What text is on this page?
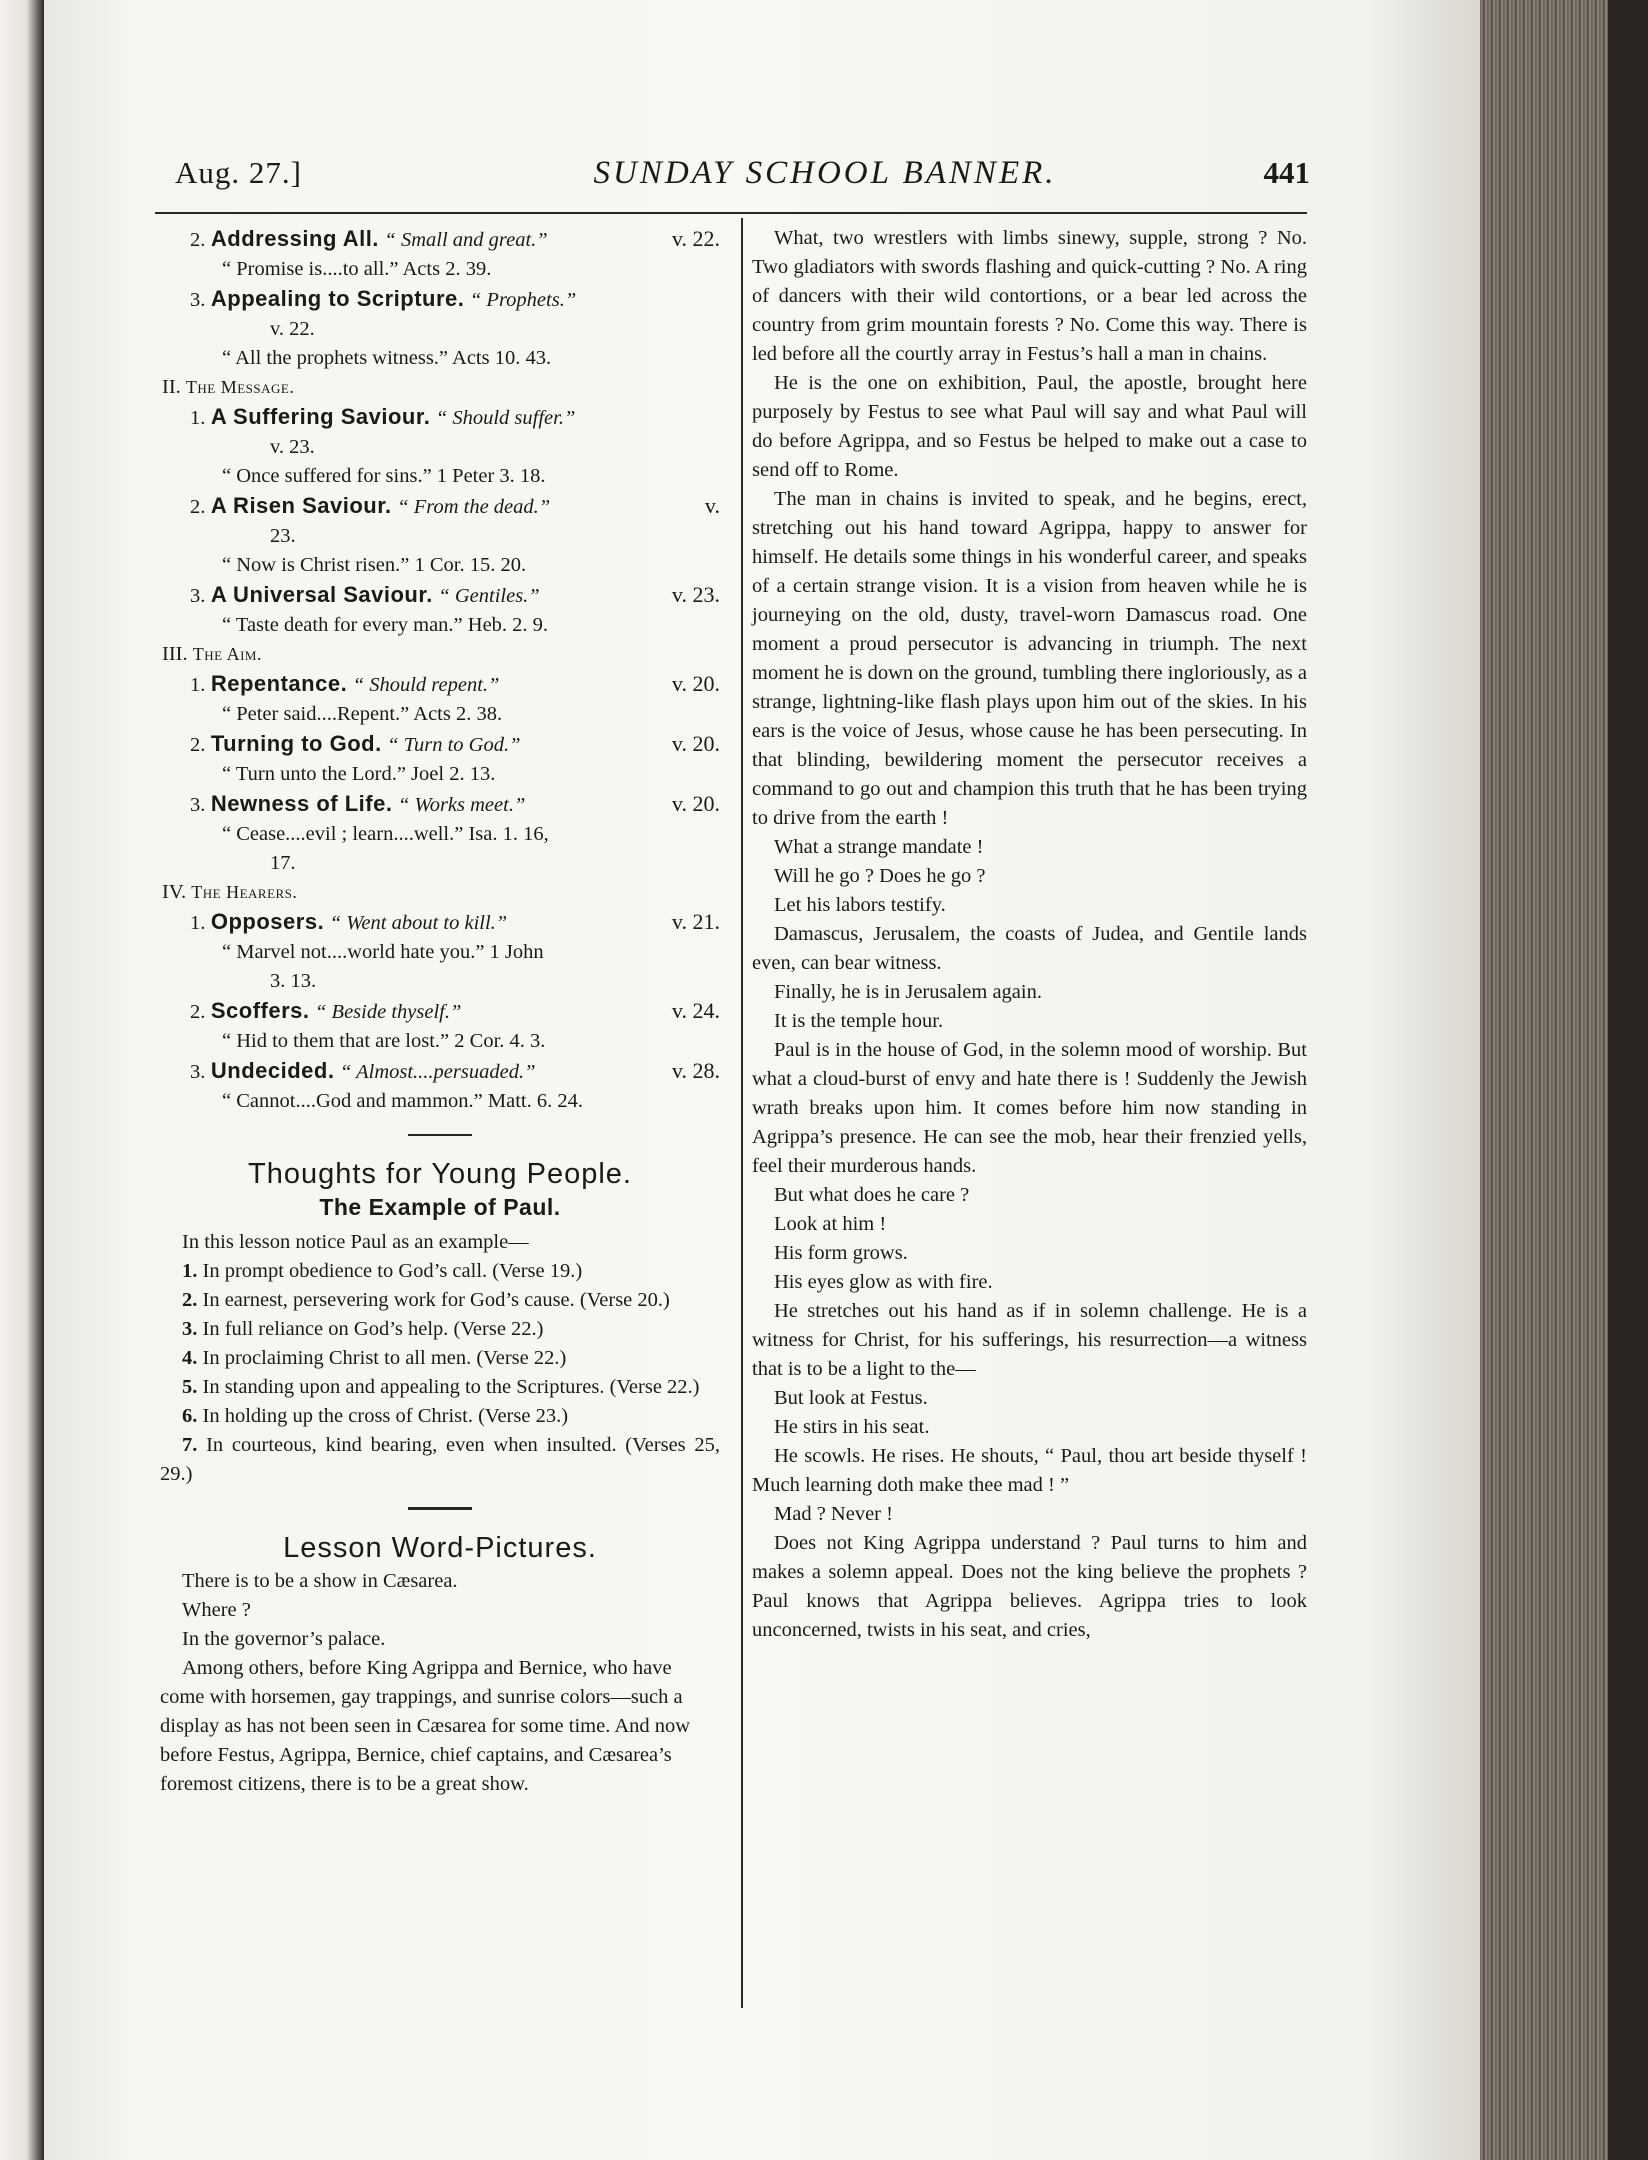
Aug. 27.]	SUNDAY SCHOOL BANNER.	441
2. Addressing All. “ Small and great.”	v. 22.
“ Promise is....to all.” Acts 2. 39.
3. Appealing to Scripture. “ Prophets.”
v. 22.
“ All the prophets witness.” Acts 10. 43.
II. The Message.
1. A Suffering Saviour. “ Should suffer.”
v. 23.
“ Once suffered for sins.” 1 Peter 3. 18.
2. A Risen Saviour. “ From the dead.”	v.
23.
“ Now is Christ risen.” 1 Cor. 15. 20.
3. A Universal Saviour. “ Gentiles.”	v. 23.
“ Taste death for every man.” Heb. 2. 9.
III. The Aim.
1. Repentance. “ Should repent.”	v. 20.
“ Peter said....Repent.” Acts 2. 38.
2. Turning to God. “ Turn to God.”	v. 20.
“ Turn unto the Lord.” Joel 2. 13.
3. Newness of Life. “ Works meet.”	v. 20.
“ Cease....evil ; learn....well.” Isa. 1. 16,
17.
IV. The Hearers.
1. Opposers. “ Went about to kill.”	v. 21.
“ Marvel not....world hate you.” 1 John
3. 13.
2. Scoffers. “ Beside thyself.”	v. 24.
“ Hid to them that are lost.” 2 Cor. 4. 3.
3. Undecided. “ Almost....persuaded.”	v. 28.
“ Cannot....God and mammon.” Matt. 6. 24.
Thoughts for Young People.
The Example of Paul.

In this lesson notice Paul as an example—

1. In prompt obedience to God’s call. (Verse 19.)

2. In earnest, persevering work for God’s cause. (Verse 20.)

3. In full reliance on God’s help. (Verse 22.)

4. In proclaiming Christ to all men. (Verse 22.)

5. In standing upon and appealing to the Scriptures. (Verse 22.)

6. In holding up the cross of Christ. (Verse 23.)

7. In courteous, kind bearing, even when insulted. (Verses 25, 29.)

Lesson Word-Pictures.

There is to be a show in Cæsarea.

Where ?

In the governor’s palace.

Among others, before King Agrippa and Bernice, who have come with horsemen, gay trappings, and sunrise colors—such a display as has not been seen in Cæsarea for some time. And now before Festus, Agrippa, Bernice, chief captains, and Cæsarea’s foremost citizens, there is to be a great show.

What, two wrestlers with limbs sinewy, supple, strong ? No. Two gladiators with swords flashing and quick-cutting ? No. A ring of dancers with their wild contortions, or a bear led across the country from grim mountain forests ? No. Come this way. There is led before all the courtly array in Festus’s hall a man in chains.

He is the one on exhibition, Paul, the apostle, brought here purposely by Festus to see what Paul will say and what Paul will do before Agrippa, and so Festus be helped to make out a case to send off to Rome.

The man in chains is invited to speak, and he begins, erect, stretching out his hand toward Agrippa, happy to answer for himself. He details some things in his wonderful career, and speaks of a certain strange vision. It is a vision from heaven while he is journeying on the old, dusty, travel-worn Damascus road. One moment a proud persecutor is advancing in triumph. The next moment he is down on the ground, tumbling there ingloriously, as a strange, lightning-like flash plays upon him out of the skies. In his ears is the voice of Jesus, whose cause he has been persecuting. In that blinding, bewildering moment the persecutor receives a command to go out and champion this truth that he has been trying to drive from the earth !

What a strange mandate !

Will he go ? Does he go ?

Let his labors testify.

Damascus, Jerusalem, the coasts of Judea, and Gentile lands even, can bear witness.

Finally, he is in Jerusalem again.

It is the temple hour.

Paul is in the house of God, in the solemn mood of worship. But what a cloud-burst of envy and hate there is ! Suddenly the Jewish wrath breaks upon him. It comes before him now standing in Agrippa’s presence. He can see the mob, hear their frenzied yells, feel their murderous hands.

But what does he care ?

Look at him !

His form grows.

His eyes glow as with fire.

He stretches out his hand as if in solemn challenge. He is a witness for Christ, for his sufferings, his resurrection—a witness that is to be a light to the—

But look at Festus.

He stirs in his seat.

He scowls. He rises. He shouts, “ Paul, thou art beside thyself ! Much learning doth make thee mad ! ”

Mad ? Never !

Does not King Agrippa understand ? Paul turns to him and makes a solemn appeal. Does not the king believe the prophets ? Paul knows that Agrippa believes. Agrippa tries to look unconcerned, twists in his seat, and cries,
